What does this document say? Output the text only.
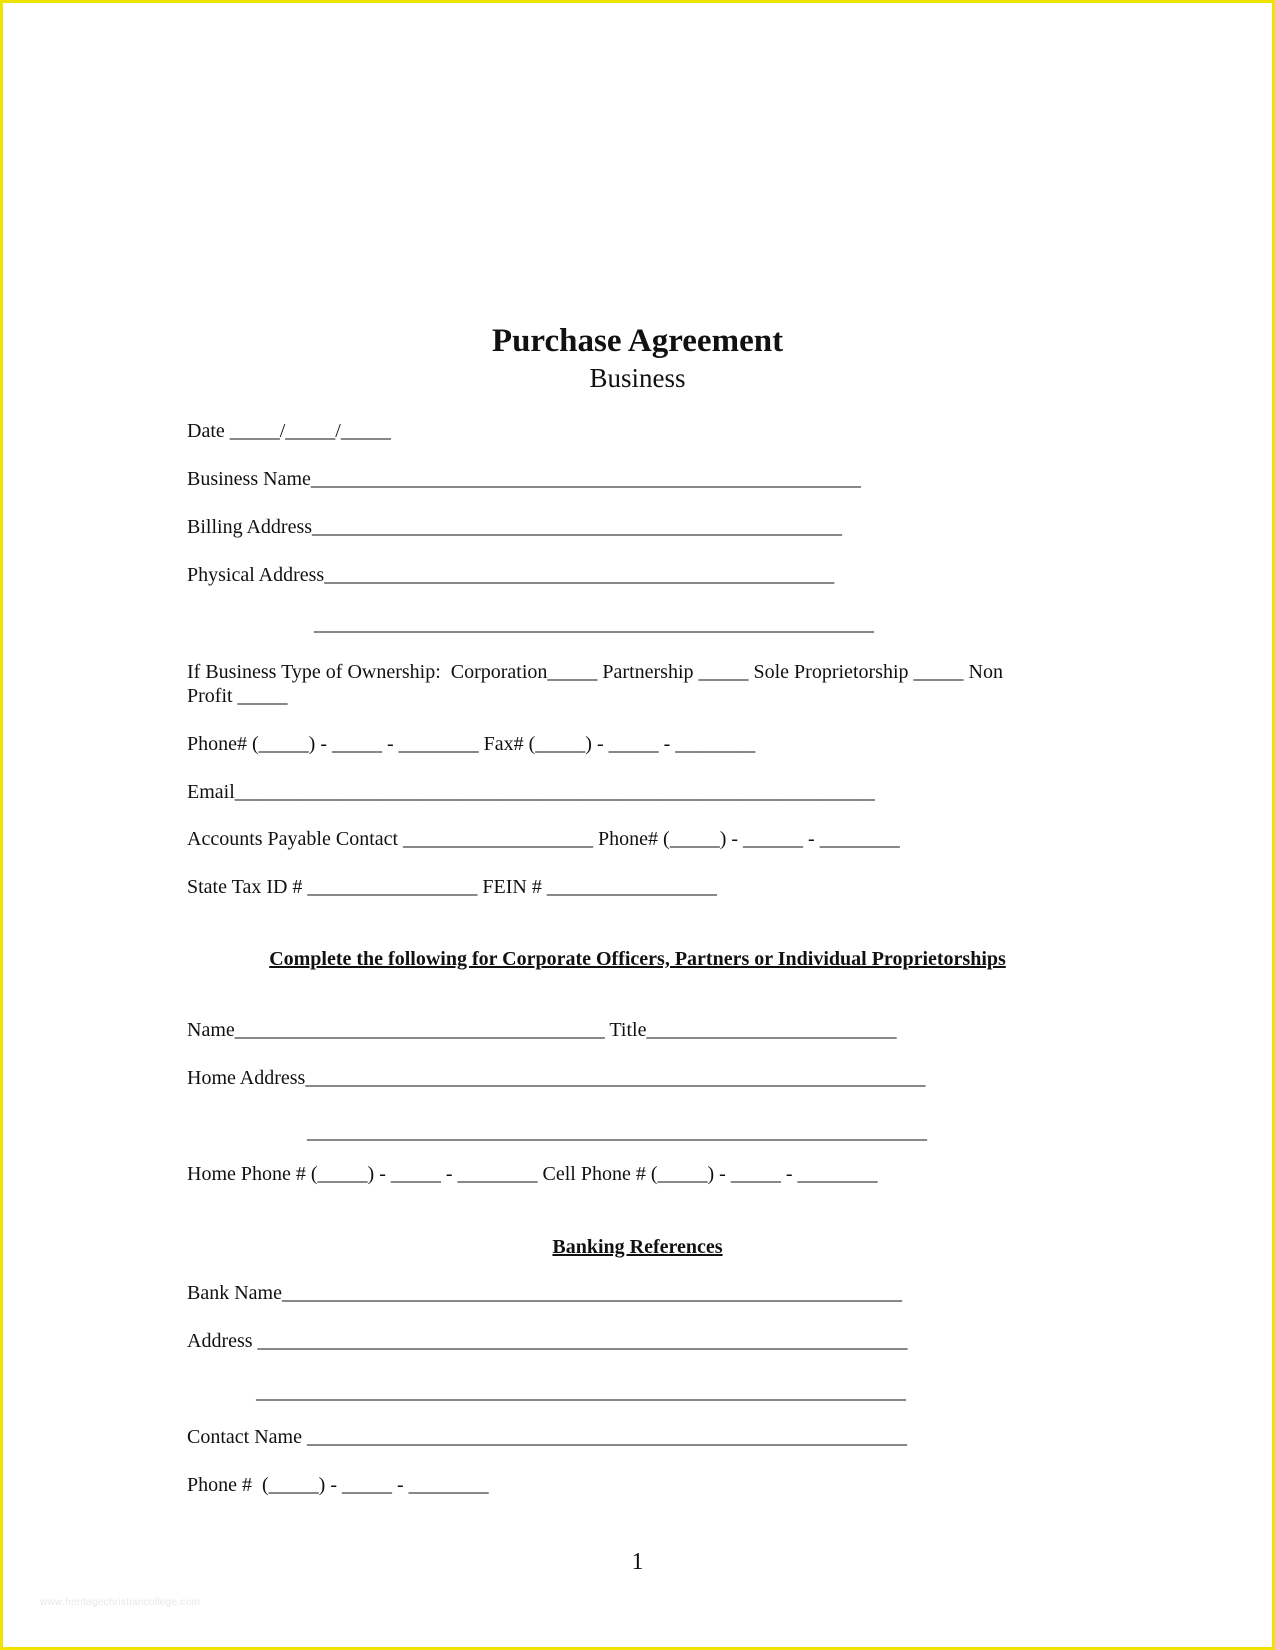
Purchase Agreement
Business
Date _____/_____/_____
Business Name_______________________________________________________
Billing Address_____________________________________________________
Physical Address___________________________________________________
________________________________________________________
If Business Type of Ownership:  Corporation_____ Partnership _____ Sole Proprietorship _____ Non
Profit _____
Phone# (_____) - _____ - ________ Fax# (_____) - _____ - ________
Email________________________________________________________________
Accounts Payable Contact ___________________ Phone# (_____) - ______ - ________
State Tax ID # _________________ FEIN # _________________
Complete the following for Corporate Officers, Partners or Individual Proprietorships
Name_____________________________________ Title_________________________
Home Address______________________________________________________________
______________________________________________________________
Home Phone # (_____) - _____ - ________ Cell Phone # (_____) - _____ - ________
Banking References
Bank Name______________________________________________________________
Address _________________________________________________________________
_________________________________________________________________
Contact Name ____________________________________________________________
Phone #  (_____) - _____ - ________
1
www.heritagechristiancollege.com
